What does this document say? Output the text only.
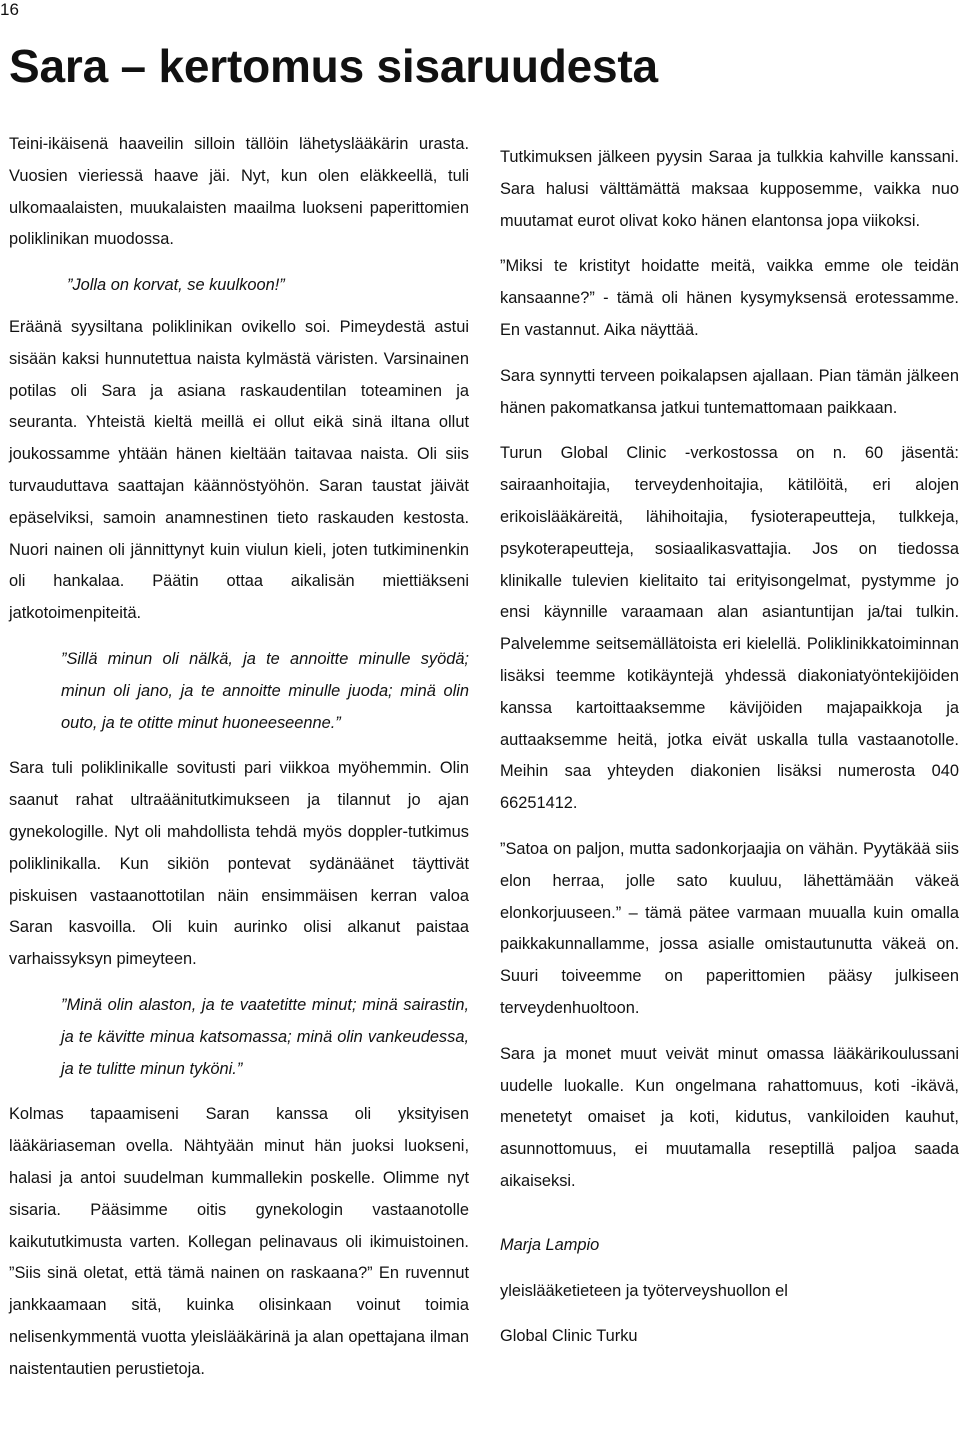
16
Sara – kertomus sisaruudesta

Teini-ikäisenä haaveilin silloin tällöin lähetyslääkärin urasta. Vuosien vieriessä haave jäi. Nyt, kun olen eläkkeellä, tuli ulkomaalaisten, muukalaisten maailma luokseni paperittomien poliklinikan muodossa.

”Jolla on korvat, se kuulkoon!”

Eräänä syysiltana poliklinikan ovikello soi. Pimeydestä astui sisään kaksi hunnutettua naista kylmästä väristen. Varsinainen potilas oli Sara ja asiana raskaudentilan toteaminen ja seuranta. Yhteistä kieltä meillä ei ollut eikä sinä iltana ollut joukossamme yhtään hänen kieltään taitavaa naista. Oli siis turvauduttava saattajan käännöstyöhön. Saran taustat jäivät epäselviksi, samoin anamnestinen tieto raskauden kestosta. Nuori nainen oli jännittynyt kuin viulun kieli, joten tutkiminenkin oli hankalaa. Päätin ottaa aikalisän miettiäkseni jatkotoimenpiteitä.

”Sillä minun oli nälkä, ja te annoitte minulle syödä; minun oli jano, ja te annoitte minulle juoda; minä olin outo, ja te otitte minut huoneeseenne.”

Sara tuli poliklinikalle sovitusti pari viikkoa myöhemmin. Olin saanut rahat ultraäänitutkimukseen ja tilannut jo ajan gynekologille. Nyt oli mahdollista tehdä myös doppler-tutkimus poliklinikalla. Kun sikiön pontevat sydänäänet täyttivät piskuisen vastaanottotilan näin ensimmäisen kerran valoa Saran kasvoilla. Oli kuin aurinko olisi alkanut paistaa varhaissyksyn pimeyteen.

”Minä olin alaston, ja te vaatetitte minut; minä sairastin, ja te kävitte minua katsomassa; minä olin vankeudessa, ja te tulitte minun tyköni.”

Kolmas tapaamiseni Saran kanssa oli yksityisen lääkäriaseman ovella. Nähtyään minut hän juoksi luokseni, halasi ja antoi suudelman kummallekin poskelle. Olimme nyt sisaria. Pääsimme oitis gynekologin vastaanotolle kaikututkimusta varten. Kollegan pelinavaus oli ikimuistoinen. ”Siis sinä oletat, että tämä nainen on raskaana?” En ruvennut jankkaamaan sitä, kuinka olisinkaan voinut toimia nelisenkymmentä vuotta yleislääkärinä ja alan opettajana ilman naistentautien perustietoja.

Tutkimuksen jälkeen pyysin Saraa ja tulkkia kahville kanssani. Sara halusi välttämättä maksaa kupposemme, vaikka nuo muutamat eurot olivat koko hänen elantonsa jopa viikoksi.

”Miksi te kristityt hoidatte meitä, vaikka emme ole teidän kansaanne?” - tämä oli hänen kysymyksensä erotessamme. En vastannut. Aika näyttää.

Sara synnytti terveen poikalapsen ajallaan. Pian tämän jälkeen hänen pakomatkansa jatkui tuntemattomaan paikkaan.

Turun Global Clinic -verkostossa on n. 60 jäsentä: sairaanhoitajia, terveydenhoitajia, kätilöitä, eri alojen erikoislääkäreitä, lähihoitajia, fysioterapeutteja, tulkkeja, psykoterapeutteja, sosiaalikasvattajia. Jos on tiedossa klinikalle tulevien kielitaito tai erityisongelmat, pystymme jo ensi käynnille varaamaan alan asiantuntijan ja/tai tulkin. Palvelemme seitsemällätoista eri kielellä. Poliklinikkatoiminnan lisäksi teemme kotikäyntejä yhdessä diakoniatyöntekijöiden kanssa kartoittaaksemme kävijöiden majapaikkoja ja auttaaksemme heitä, jotka eivät uskalla tulla vastaanotolle. Meihin saa yhteyden diakonien lisäksi numerosta 040 66251412.

”Satoa on paljon, mutta sadonkorjaajia on vähän. Pyytäkää siis elon herraa, jolle sato kuuluu, lähettämään väkeä elonkorjuuseen.” – tämä pätee varmaan muualla kuin omalla paikkakunnallamme, jossa asialle omistautunutta väkeä on. Suuri toiveemme on paperittomien pääsy julkiseen terveydenhuoltoon.

Sara ja monet muut veivät minut omassa lääkärikoulussani uudelle luokalle. Kun ongelmana rahattomuus, koti -ikävä, menetetyt omaiset ja koti, kidutus, vankiloiden kauhut, asunnottomuus, ei muutamalla reseptillä paljoa saada aikaiseksi.

Marja Lampio

yleislääketieteen ja työterveyshuollon el

Global Clinic Turku
